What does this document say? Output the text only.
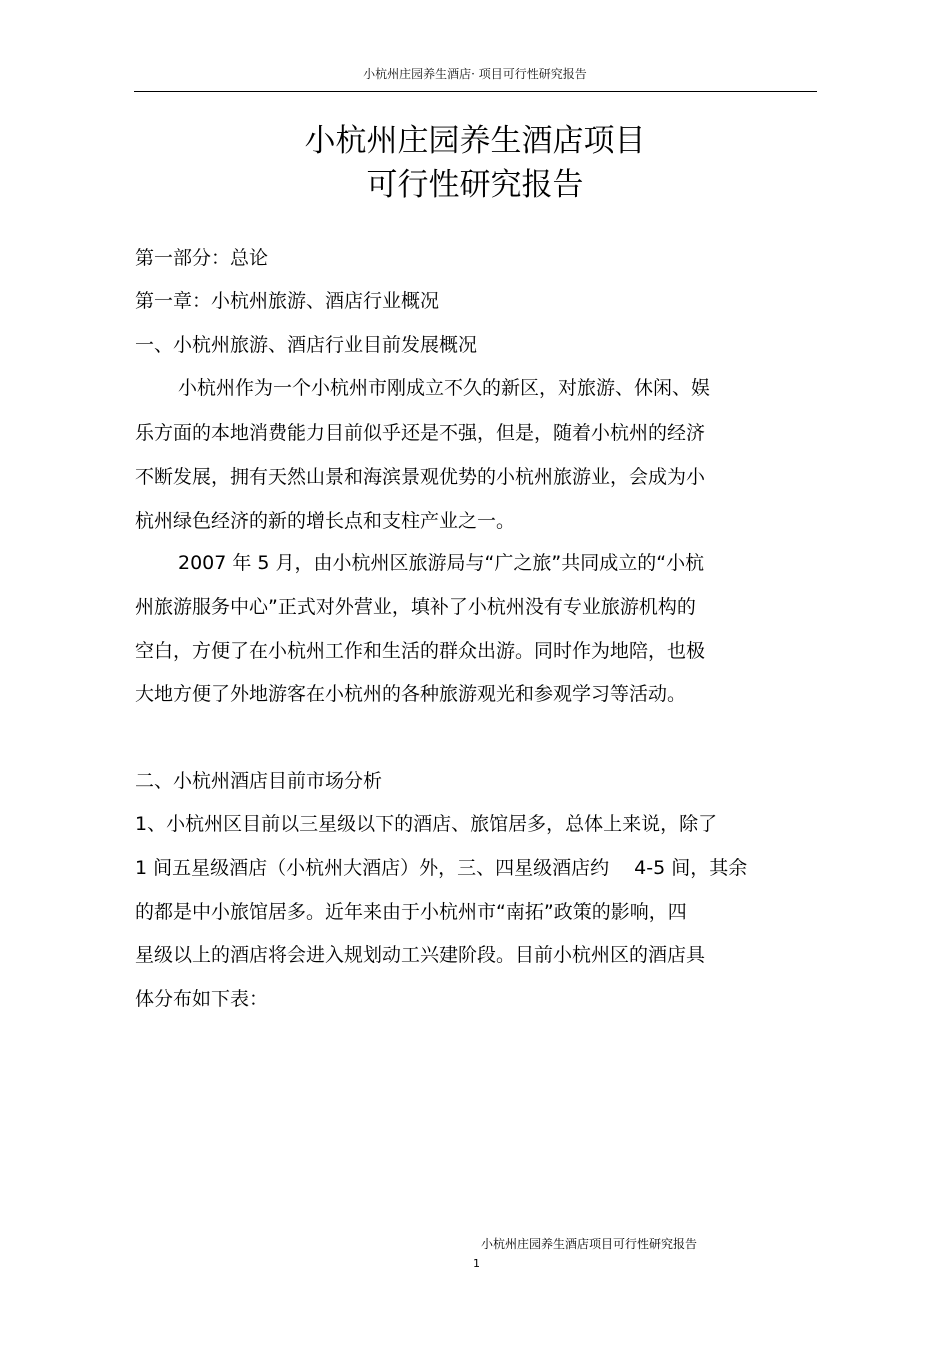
小杭州庄园养生酒店· 项目可行性研究报告
小杭州庄园养生酒店项目
可行性研究报告
第一部分：总论
第一章：小杭州旅游、酒店行业概况
一、小杭州旅游、酒店行业目前发展概况
小杭州作为一个小杭州市刚成立不久的新区，对旅游、休闲、娱
乐方面的本地消费能力目前似乎还是不强，但是，随着小杭州的经济
不断发展，拥有天然山景和海滨景观优势的小杭州旅游业，会成为小
杭州绿色经济的新的增长点和支柱产业之一。
2007 年 5 月，由小杭州区旅游局与“广之旅”共同成立的“小杭
州旅游服务中心”正式对外营业，填补了小杭州没有专业旅游机构的
空白，方便了在小杭州工作和生活的群众出游。同时作为地陪，也极
大地方便了外地游客在小杭州的各种旅游观光和参观学习等活动。
二、小杭州酒店目前市场分析
1、小杭州区目前以三星级以下的酒店、旅馆居多，总体上来说，除了
1 间五星级酒店（小杭州大酒店）外，三、四星级酒店约　 4-5 间，其余
的都是中小旅馆居多。近年来由于小杭州市“南拓”政策的影响，四
星级以上的酒店将会进入规划动工兴建阶段。目前小杭州区的酒店具
体分布如下表：
小杭州庄园养生酒店项目可行性研究报告
1
